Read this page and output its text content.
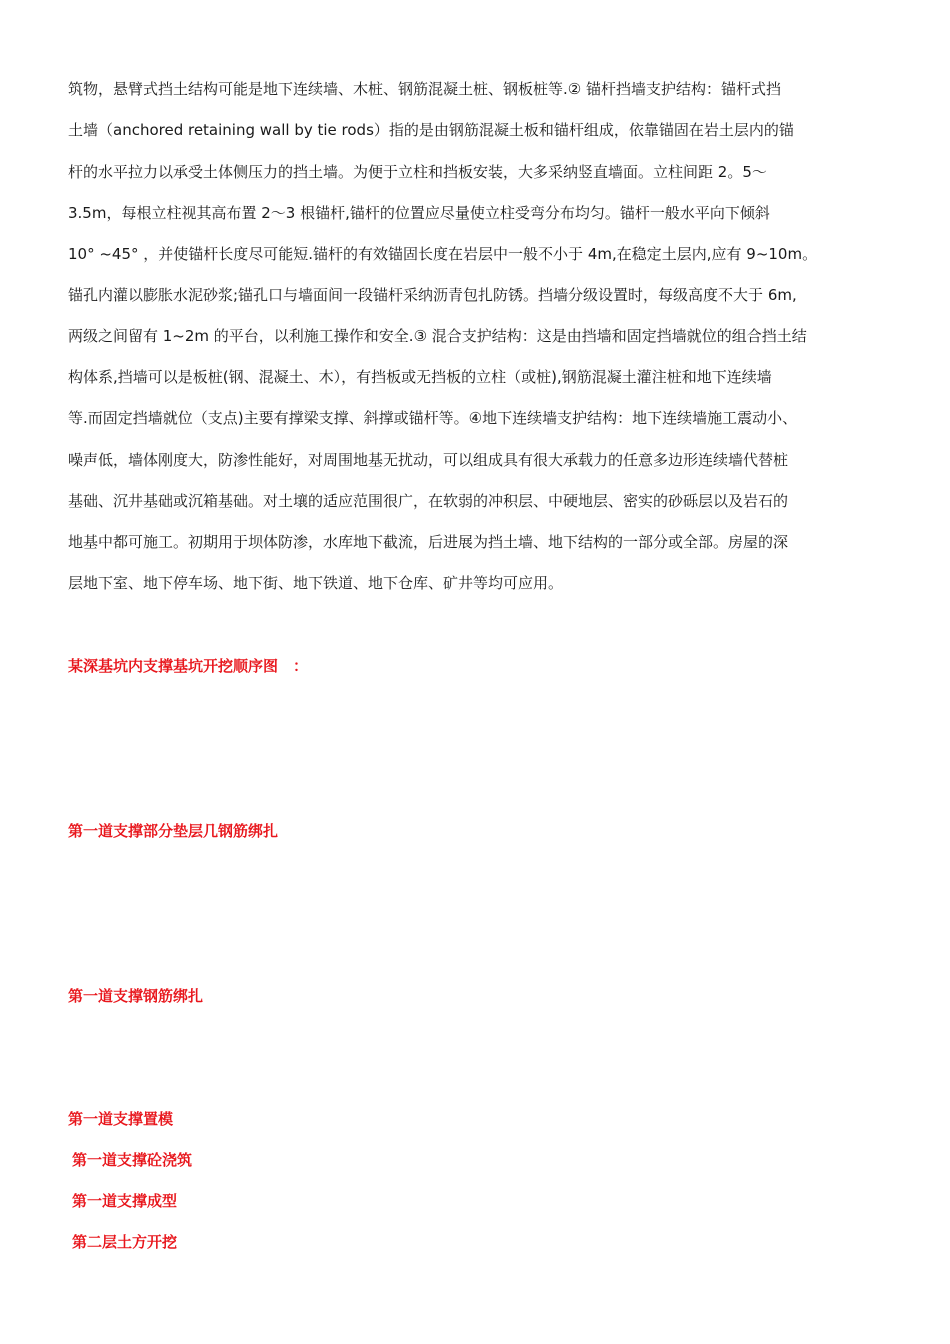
筑物，悬臂式挡土结构可能是地下连续墙、木桩、钢筋混凝土桩、钢板桩等.② 锚杆挡墙支护结构：锚杆式挡
土墙（anchored retaining wall by tie rods）指的是由钢筋混凝土板和锚杆组成，依靠锚固在岩土层内的锚
杆的水平拉力以承受土体侧压力的挡土墙。为便于立柱和挡板安装，大多采纳竖直墙面。立柱间距 2。5～
3.5m，每根立柱视其高布置 2～3 根锚杆,锚杆的位置应尽量使立柱受弯分布均匀。锚杆一般水平向下倾斜
10° ~45° ，并使锚杆长度尽可能短.锚杆的有效锚固长度在岩层中一般不小于 4m,在稳定土层内,应有 9~10m。
锚孔内灌以膨胀水泥砂浆;锚孔口与墙面间一段锚杆采纳沥青包扎防锈。挡墙分级设置时，每级高度不大于 6m,
两级之间留有 1~2m 的平台，以利施工操作和安全.③ 混合支护结构：这是由挡墙和固定挡墙就位的组合挡土结
构体系,挡墙可以是板桩(钢、混凝土、木），有挡板或无挡板的立柱（或桩),钢筋混凝土灌注桩和地下连续墙
等.而固定挡墙就位（支点)主要有撑梁支撑、斜撑或锚杆等。④地下连续墙支护结构：地下连续墙施工震动小、
噪声低，墙体刚度大，防渗性能好，对周围地基无扰动，可以组成具有很大承载力的任意多边形连续墙代替桩
基础、沉井基础或沉箱基础。对土壤的适应范围很广，在软弱的冲积层、中硬地层、密实的砂砾层以及岩石的
地基中都可施工。初期用于坝体防渗，水库地下截流，后进展为挡土墙、地下结构的一部分或全部。房屋的深
层地下室、地下停车场、地下街、地下铁道、地下仓库、矿井等均可应用。
某深基坑内支撑基坑开挖顺序图　：
第一道支撑部分垫层几钢筋绑扎
第一道支撑钢筋绑扎
第一道支撑置模
第一道支撑砼浇筑
第一道支撑成型
第二层土方开挖
